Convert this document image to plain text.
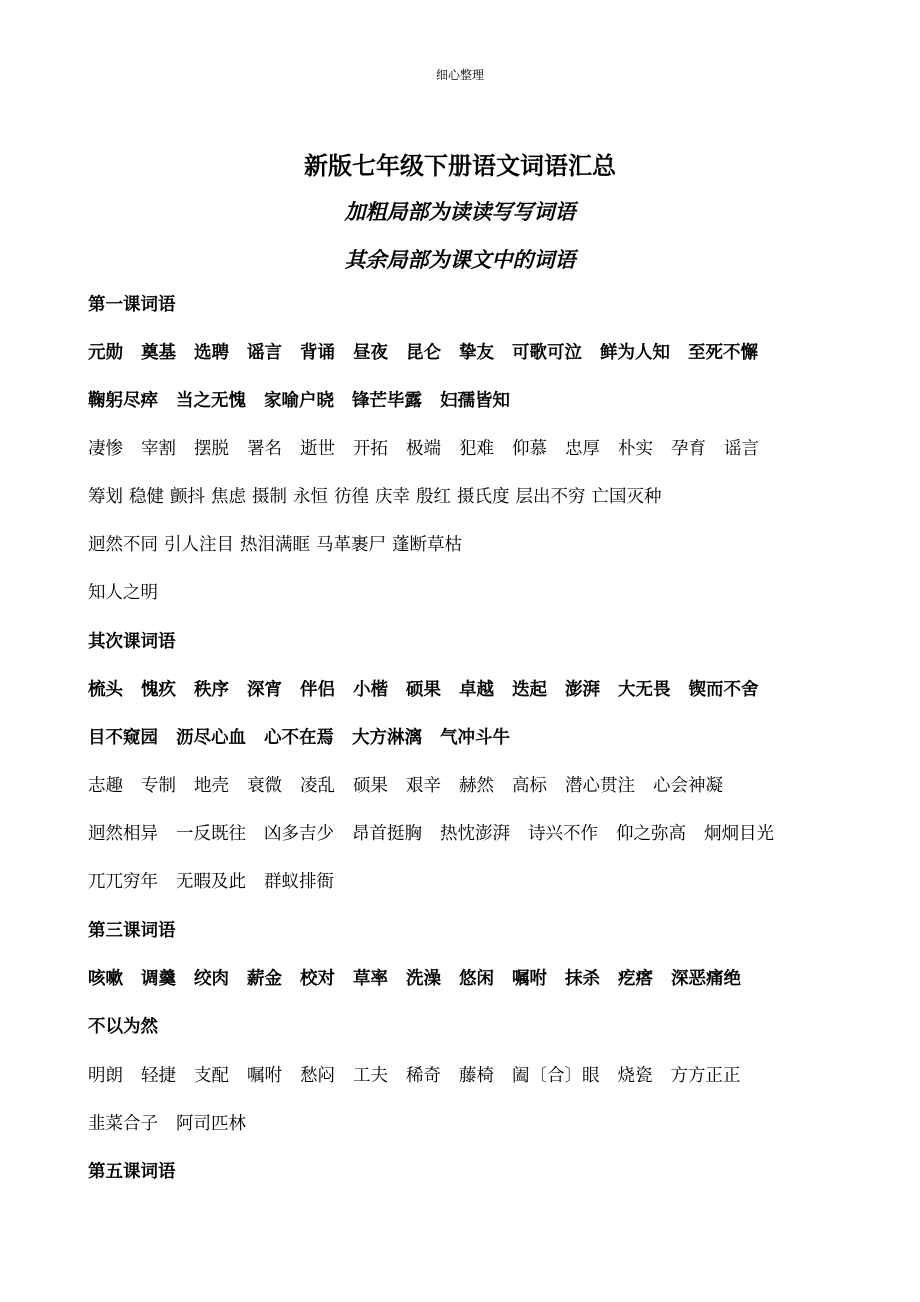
细心整理
新版七年级下册语文词语汇总
加粗局部为读读写写词语
其余局部为课文中的词语
第一课词语
元勋 奠基 选聘 谣言 背诵 昼夜 昆仑 挚友 可歌可泣 鲜为人知 至死不懈
鞠躬尽瘁 当之无愧 家喻户晓 锋芒毕露 妇孺皆知
凄惨 宰割 摆脱 署名 逝世 开拓 极端 犯难 仰慕 忠厚 朴实 孕育 谣言
筹划 稳健 颤抖 焦虑 摄制 永恒 彷徨 庆幸 殷红 摄氏度 层出不穷 亡国灭种
迥然不同 引人注目 热泪满眶 马革裹尸 蓬断草枯
知人之明
其次课词语
梳头 愧疚 秩序 深宵 伴侣 小楷 硕果 卓越 迭起 澎湃 大无畏 锲而不舍
目不窥园 沥尽心血 心不在焉 大方淋漓 气冲斗牛
志趣 专制 地壳 衰微 凌乱 硕果 艰辛 赫然 高标 潜心贯注 心会神凝
迥然相异 一反既往 凶多吉少 昂首挺胸 热忱澎湃 诗兴不作 仰之弥高 炯炯目光
兀兀穷年 无暇及此 群蚁排衙
第三课词语
咳嗽 调羹 绞肉 薪金 校对 草率 洗澡 悠闲 嘱咐 抹杀 疙瘩 深恶痛绝
不以为然
明朗 轻捷 支配 嘱咐 愁闷 工夫 稀奇 藤椅 阖〔合〕眼 烧瓷 方方正正
韭菜合子 阿司匹林
第五课词语
